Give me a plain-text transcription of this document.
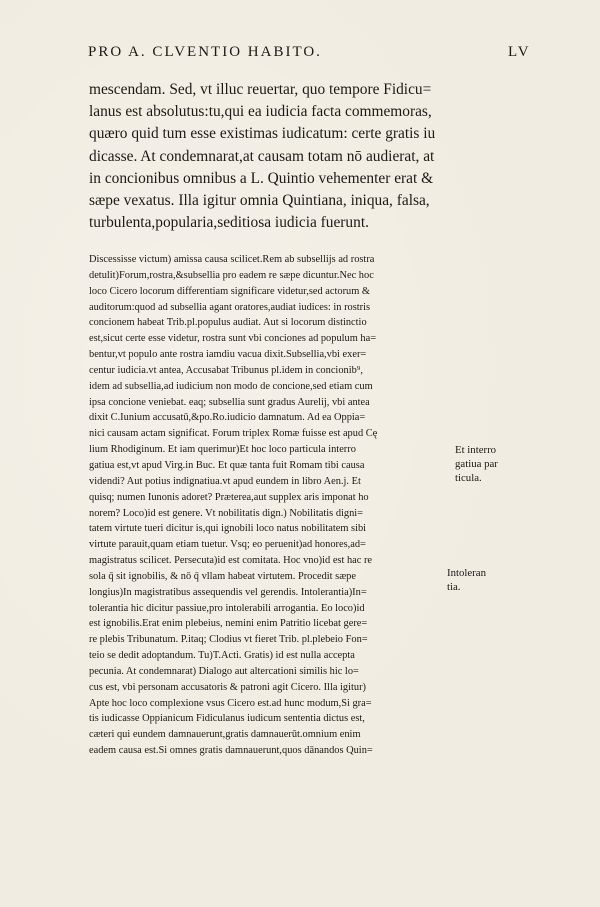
PRO A. CLVENTIO HABITO.	LV
mescendam. Sed, vt illuc reuertar, quo tempore Fidicu=
lanus est absolutus:tu,qui ea iudicia facta commemoras,
quæro quid tum esse existimas iudicatum: certe gratis iu
dicasse. At condemnarat,at causam totam nō audierat, at
in concionibus omnibus a L. Quintio vehementer erat &
sæpe vexatus. Illa igitur omnia Quintiana, iniqua, falsa,
turbulenta,popularia,seditiosa iudicia fuerunt.
Discessisse victum) amissa causa scilicet.Rem ab subsellijs ad rostra
detulit)Forum,rostra,&subsellia pro eadem re sæpe dicuntur.Nec hoc
loco Cicero locorum differentiam significare videtur,sed actorum &
auditorum:quod ad subsellia agant oratores,audiat iudices: in rostris
concionem habeat Trib.pl.populus audiat. Aut si locorum distinctio
est,sicut certe esse videtur, rostra sunt vbi conciones ad populum ha=
bentur,vt populo ante rostra iamdiu vacua dixit.Subsellia,vbi exer=
centur iudicia.vt antea, Accusabat Tribunus pl.idem in concionib⁹,
idem ad subsellia,ad iudicium non modo de concione,sed etiam cum
ipsa concione veniebat. eaq; subsellia sunt gradus Aurelij, vbi antea
dixit C.Iunium accusatū,&po.Ro.iudicio damnatum. Ad ea Oppia=
nici causam actam significat. Forum triplex Romæ fuisse est apud Cę
lium Rhodiginum. Et iam querimur)Et hoc loco particula interro
gatiua est,vt apud Virg.in Buc. Et quæ tanta fuit Romam tibi causa
videndi? Aut potius indignatiua.vt apud eundem in libro Aen.j. Et
quisq; numen Iunonis adoret? Præterea,aut supplex aris imponat ho
norem? Loco)id est genere. Vt nobilitatis dign.) Nobilitatis digni=
tatem virtute tueri dicitur is,qui ignobili loco natus nobilitatem sibi
virtute parauit,quam etiam tuetur. Vsq; eo peruenit)ad honores,ad=
magistratus scilicet. Persecuta)id est comitata. Hoc vno)id est hac re
sola q̄ sit ignobilis, & nō q̄ vllam habeat virtutem. Procedit sæpe
longius)In magistratibus assequendis vel gerendis. Intolerantia)In=
tolerantia hic dicitur passiue,pro intolerabili arrogantia. Eo loco)id
est ignobilis.Erat enim plebeius, nemini enim Patritio licebat gere=
re plebis Tribunatum. P.itaq; Clodius vt fieret Trib. pl.plebeio Fon=
teio se dedit adoptandum. Tu)T.Acti. Gratis) id est nulla accepta
pecunia. At condemnarat) Dialogo aut altercationi similis hic lo=
cus est, vbi personam accusatoris & patroni agit Cicero. Illa igitur)
Apte hoc loco complexione vsus Cicero est.ad hunc modum,Si gra=
tis iudicasse Oppianicum Fidiculanus iudicum sententia dictus est,
cæteri qui eundem damnauerunt,gratis damnauerūt.omnium enim
eadem causa est.Si omnes gratis damnauerunt,quos dānandos Quin=
Et interro
gatiua par
ticula.
Intoleran
tia.
